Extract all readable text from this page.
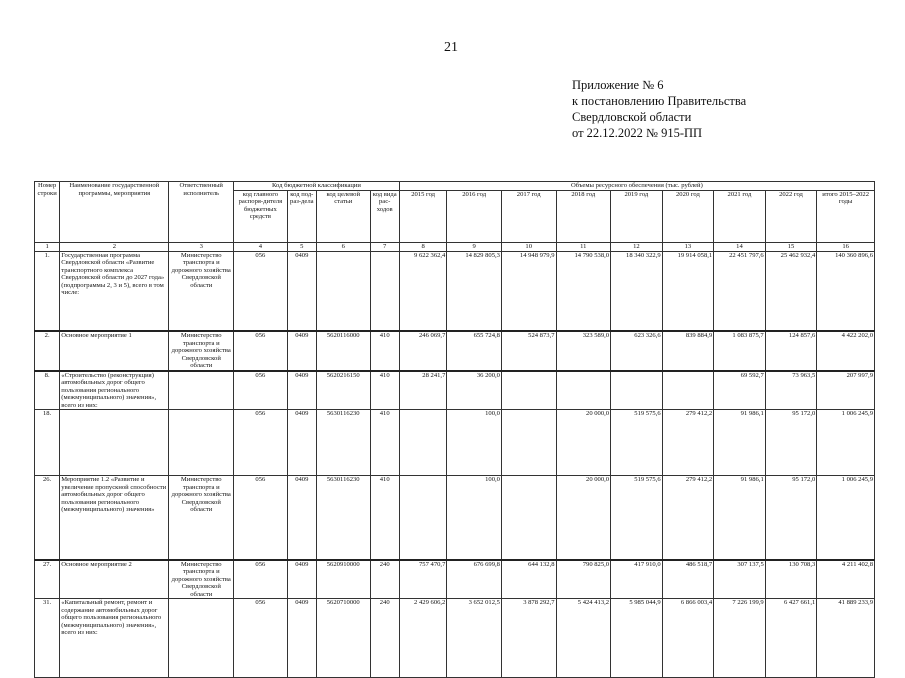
21
Приложение № 6
к постановлению Правительства
Свердловской области
от 22.12.2022 № 915-ПП
Номер строки	Наименование государственной программы, мероприятия	Ответственный исполнитель	Код бюджетной классификации				Объемы ресурсного обеспечения (тыс. рублей)								
			код главного распоря-дителя бюджетных средств	код под-раз-дела	код целевой статьи	код вида рас-ходов	2015 год	2016 год	2017 год	2018 год	2019 год	2020 год	2021 год	2022 год	итого 2015–2022 годы
1	2	3	4	5	6	7	8	9	10	11	12	13	14	15	16
1.	Государственная программа Свердловской области «Развитие транспортного комплекса Свердловской области до 2027 года» (подпрограммы 2, 3 и 5), всего в том числе:	Министерство транспорта и дорожного хозяйства Свердловской области	056	0409			9 622 362,4	14 829 805,3	14 948 979,9	14 790 538,0	18 340 322,9	19 914 058,1	22 451 797,6	25 462 932,4	140 360 896,6
2.	Основное мероприятие 1	Министерство транспорта и дорожного хозяйства Свердловской области	056	0409	5620116000	410	246 069,7	655 724,8	524 873,7	323 589,0	623 326,6	839 884,9	1 083 875,7	124 857,6	4 422 202,0
8.	«Строительство (реконструкция) автомобильных дорог общего пользования регионального (межмуниципального) значения», всего из них:		056	0409	5620216150	410	28 241,7	36 200,0					69 592,7	73 963,5	207 997,9
18.			056	0409	5630116230	410		100,0		20 000,0	519 575,6	279 412,2	91 986,1	95 172,0	1 006 245,9
26.	Мероприятие 1.2 «Развитие и увеличение пропускной способности автомобильных дорог общего пользования регионального (межмуниципального) значения»	Министерство транспорта и дорожного хозяйства Свердловской области	056	0409	5630116230	410		100,0		20 000,0	519 575,6	279 412,2	91 986,1	95 172,0	1 006 245,9
27.	Основное мероприятие 2	Министерство транспорта и дорожного хозяйства Свердловской области	056	0409	5620910000	240	757 470,7	676 699,8	644 132,8	790 825,0	417 910,0	486 518,7	307 137,5	130 708,3	4 211 402,8
31.	«Капитальный ремонт, ремонт и содержание автомобильных дорог общего пользования регионального (межмуниципального) значения», всего из них:		056	0409	5620710000	240	2 429 606,2	3 652 012,5	3 878 292,7	5 424 413,2	5 985 044,9	6 866 003,4	7 226 199,9	6 427 661,1	41 889 233,9
